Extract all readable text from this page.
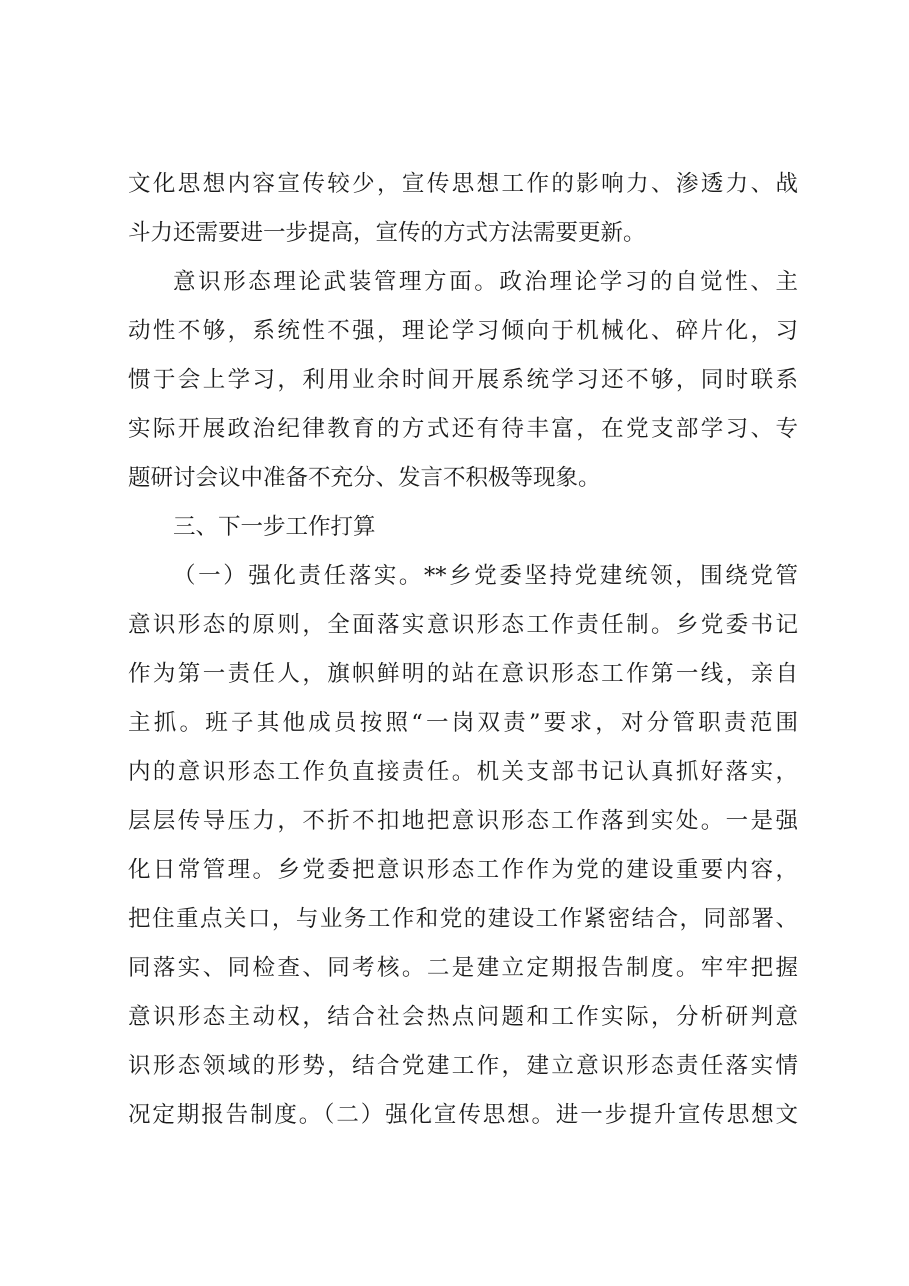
文化思想内容宣传较少，宣传思想工作的影响力、渗透力、战
斗力还需要进一步提高，宣传的方式方法需要更新。
意识形态理论武装管理方面。政治理论学习的自觉性、主
动性不够，系统性不强，理论学习倾向于机械化、碎片化，习
惯于会上学习，利用业余时间开展系统学习还不够，同时联系
实际开展政治纪律教育的方式还有待丰富，在党支部学习、专
题研讨会议中准备不充分、发言不积极等现象。
三、下一步工作打算
（一）强化责任落实。**乡党委坚持党建统领，围绕党管
意识形态的原则，全面落实意识形态工作责任制。乡党委书记
作为第一责任人，旗帜鲜明的站在意识形态工作第一线，亲自
主抓。班子其他成员按照“一岗双责”要求，对分管职责范围
内的意识形态工作负直接责任。机关支部书记认真抓好落实，
层层传导压力，不折不扣地把意识形态工作落到实处。一是强
化日常管理。乡党委把意识形态工作作为党的建设重要内容，
把住重点关口，与业务工作和党的建设工作紧密结合，同部署、
同落实、同检查、同考核。二是建立定期报告制度。牢牢把握
意识形态主动权，结合社会热点问题和工作实际，分析研判意
识形态领域的形势，结合党建工作，建立意识形态责任落实情
况定期报告制度。（二）强化宣传思想。进一步提升宣传思想文
